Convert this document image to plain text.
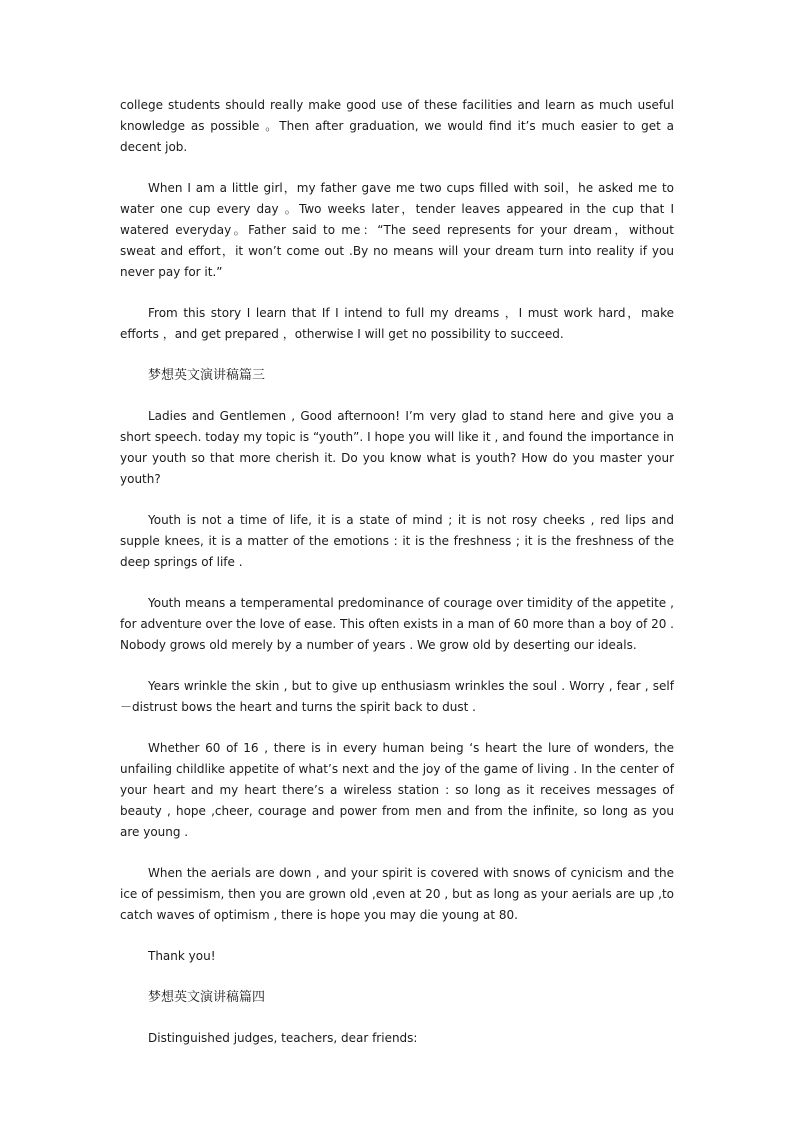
college students should really make good use of these facilities and learn as much useful knowledge as possible 。Then after graduation, we would find it’s much easier to get a decent job.

When I am a little girl，my father gave me two cups filled with soil，he asked me to water one cup every day 。Two weeks later，tender leaves appeared in the cup that I watered everyday。Father said to me：“The seed represents for your dream，without sweat and effort，it won’t come out .By no means will your dream turn into reality if you never pay for it.”

From this story I learn that If I intend to full my dreams ，I must work hard，make efforts ，and get prepared ，otherwise I will get no possibility to succeed.

梦想英文演讲稿篇三

Ladies and Gentlemen , Good afternoon! I’m very glad to stand here and give you a short speech. today my topic is “youth”. I hope you will like it , and found the importance in your youth so that more cherish it. Do you know what is youth? How do you master your youth?

Youth is not a time of life, it is a state of mind ; it is not rosy cheeks , red lips and supple knees, it is a matter of the emotions : it is the freshness ; it is the freshness of the deep springs of life .

Youth means a temperamental predominance of courage over timidity of the appetite , for adventure over the love of ease. This often exists in a man of 60 more than a boy of 20 . Nobody grows old merely by a number of years . We grow old by deserting our ideals.

Years wrinkle the skin , but to give up enthusiasm wrinkles the soul . Worry , fear , self －distrust bows the heart and turns the spirit back to dust .

Whether 60 of 16 , there is in every human being ‘s heart the lure of wonders, the unfailing childlike appetite of what’s next and the joy of the game of living . In the center of your heart and my heart there’s a wireless station : so long as it receives messages of beauty , hope ,cheer, courage and power from men and from the infinite, so long as you are young .

When the aerials are down , and your spirit is covered with snows of cynicism and the ice of pessimism, then you are grown old ,even at 20 , but as long as your aerials are up ,to catch waves of optimism , there is hope you may die young at 80.

Thank you!

梦想英文演讲稿篇四

Distinguished judges, teachers, dear friends:
